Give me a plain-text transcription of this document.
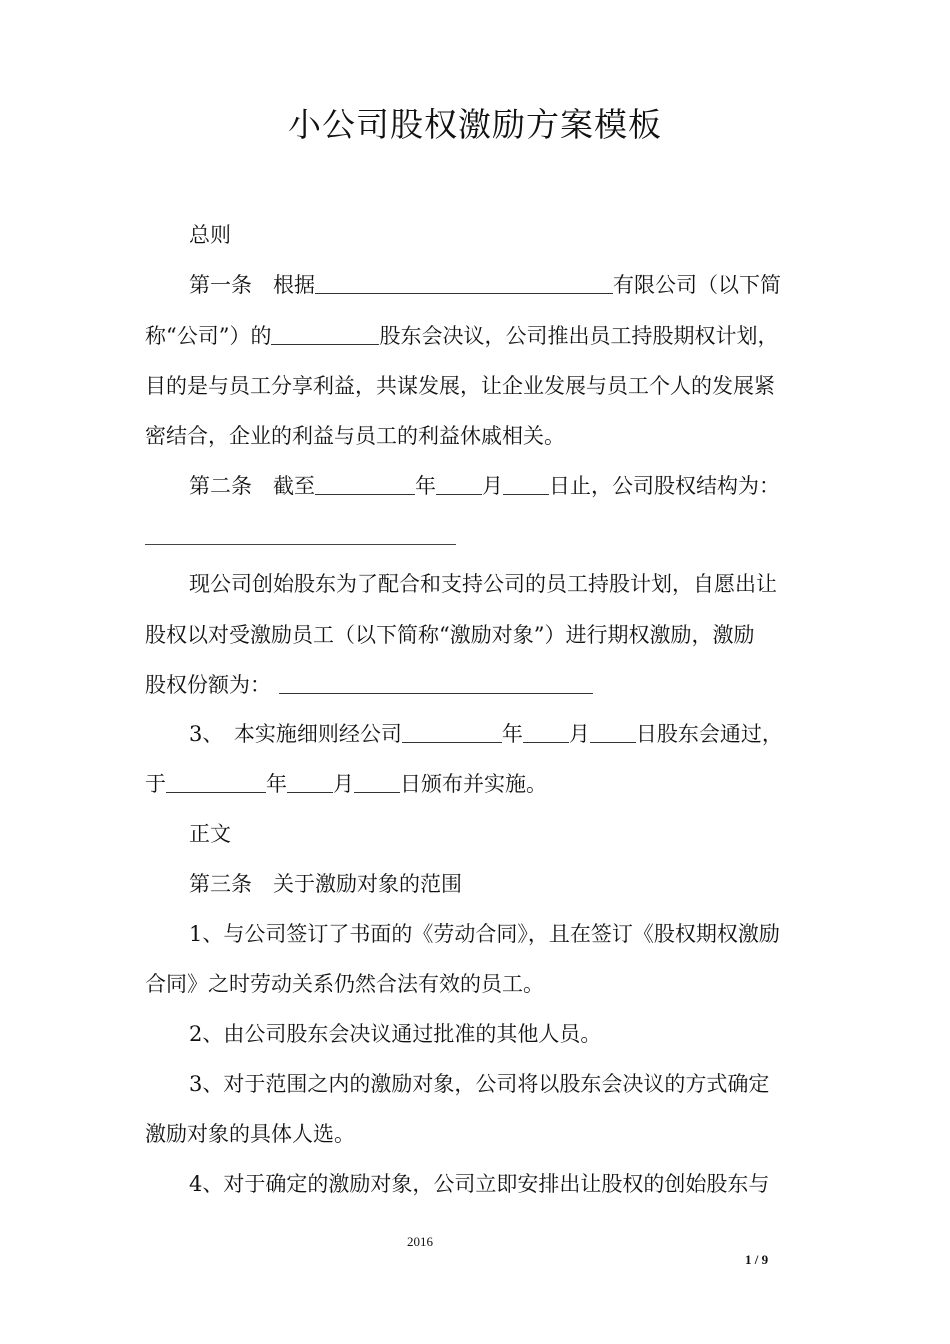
小公司股权激励方案模板
总则
第一条　根据	有限公司（以下简
称“公司”）的	股东会决议，公司推出员工持股期权计划，
目的是与员工分享利益，共谋发展，让企业发展与员工个人的发展紧
密结合，企业的利益与员工的利益休戚相关。
第二条　截至	年 月 日止，公司股权结构为：
现公司创始股东为了配合和支持公司的员工持股计划，自愿出让
股权以对受激励员工（以下简称“激励对象”）进行期权激励，激励
股权份额为：
3、　本实施细则经公司	年 月 日股东会通过，
于	年 月 日颁布并实施。
正文
第三条　关于激励对象的范围
1、与公司签订了书面的《劳动合同》，且在签订《股权期权激励
合同》之时劳动关系仍然合法有效的员工。
2、由公司股东会决议通过批准的其他人员。
3、对于范围之内的激励对象，公司将以股东会决议的方式确定
激励对象的具体人选。
4、对于确定的激励对象，公司立即安排出让股权的创始股东与
2016
1 / 9
